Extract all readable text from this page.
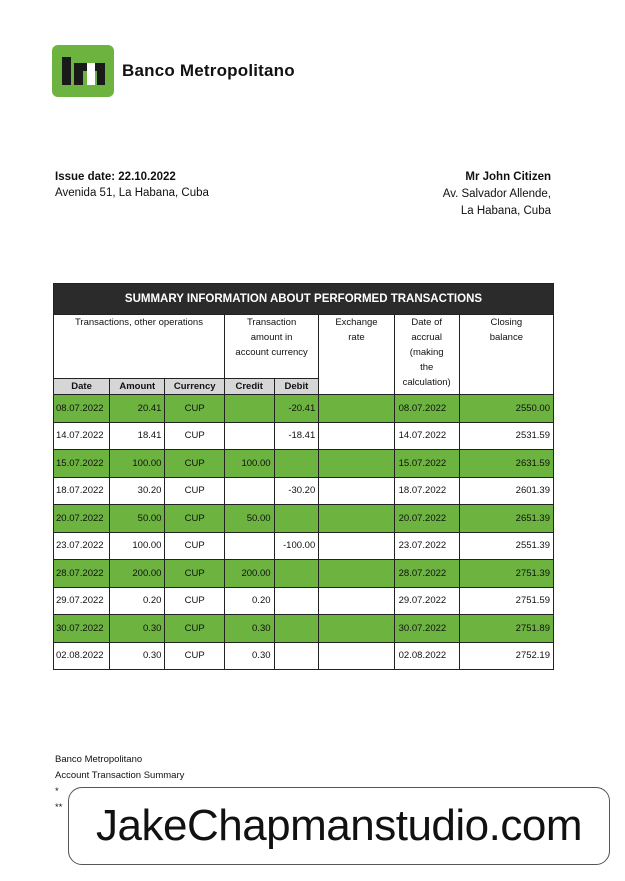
Banco Metropolitano
Issue date: 22.10.2022
Avenida 51, La Habana, Cuba
Mr John Citizen
Av. Salvador Allende,
La Habana, Cuba
SUMMARY INFORMATION ABOUT PERFORMED TRANSACTIONS							
Transactions, other operations			Transaction amount in account currency		Exchange rate	Date of accrual (making the calculation)	Closing balance
Date	Amount	Currency	Credit	Debit			
08.07.2022	20.41	CUP		-20.41		08.07.2022	2550.00
14.07.2022	18.41	CUP		-18.41		14.07.2022	2531.59
15.07.2022	100.00	CUP	100.00			15.07.2022	2631.59
18.07.2022	30.20	CUP		-30.20		18.07.2022	2601.39
20.07.2022	50.00	CUP	50.00			20.07.2022	2651.39
23.07.2022	100.00	CUP		-100.00		23.07.2022	2551.39
28.07.2022	200.00	CUP	200.00			28.07.2022	2751.39
29.07.2022	0.20	CUP	0.20			29.07.2022	2751.59
30.07.2022	0.30	CUP	0.30			30.07.2022	2751.89
02.08.2022	0.30	CUP	0.30			02.08.2022	2752.19
Banco Metropolitano
Account Transaction Summary
*
** JakeChapmanstudio.com
